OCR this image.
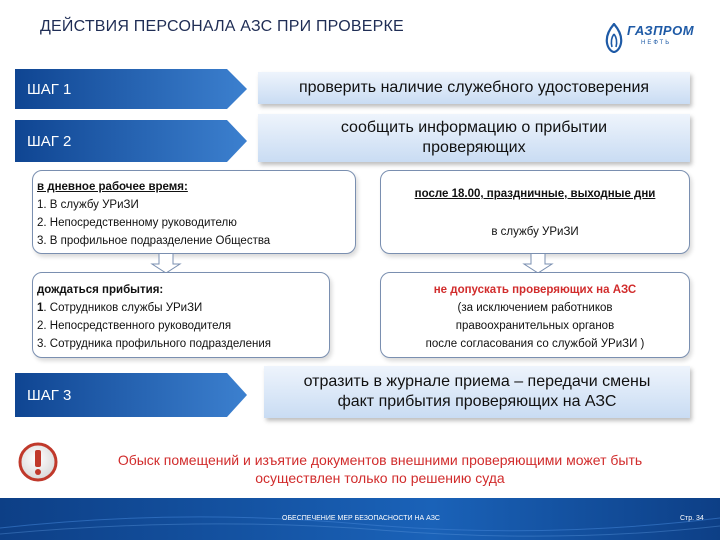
ДЕЙСТВИЯ ПЕРСОНАЛА АЗС ПРИ ПРОВЕРКЕ	ГАЗПРОМ
НЕФТЬ
ШАГ 1	проверить наличие служебного удостоверения
ШАГ 2
сообщить информацию о прибытии
проверяющих
в дневное рабочее время:
1. В службу УРиЗИ
2. Непосредственному руководителю
3. В профильное подразделение Общества
после 18.00, праздничные, выходные дни
в службу УРиЗИ
дождаться прибытия:
1. Сотрудников службы УРиЗИ
2. Непосредственного руководителя
3. Сотрудника профильного подразделения
не допускать проверяющих на АЗС
(за исключением работников
правоохранительных органов
после согласования со службой УРиЗИ )
ШАГ 3
отразить в журнале приема – передачи смены
факт прибытия проверяющих на АЗС
Обыск помещений и изъятие документов внешними проверяющими может быть
осуществлен только по решению суда
ОБЕСПЕЧЕНИЕ МЕР БЕЗОПАСНОСТИ НА АЗС	Стр. 34
